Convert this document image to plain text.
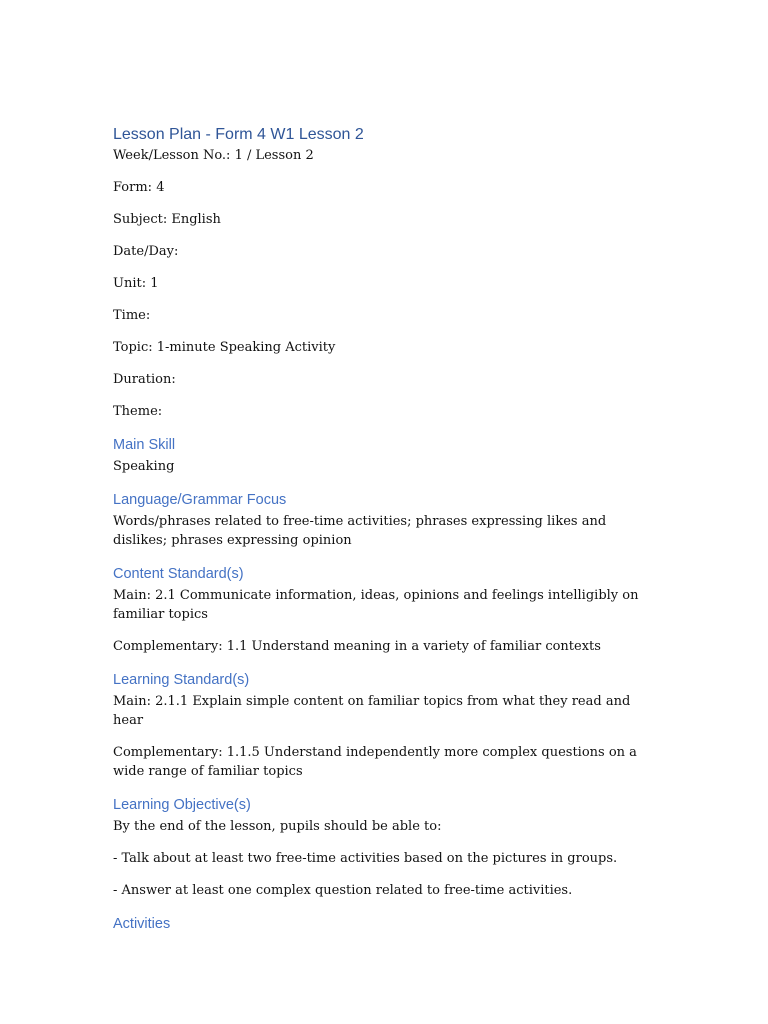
Lesson Plan - Form 4 W1 Lesson 2
Week/Lesson No.: 1 / Lesson 2
Form: 4
Subject: English
Date/Day:
Unit: 1
Time:
Topic: 1-minute Speaking Activity
Duration:
Theme:
Main Skill
Speaking
Language/Grammar Focus
Words/phrases related to free-time activities; phrases expressing likes and dislikes; phrases expressing opinion
Content Standard(s)
Main: 2.1 Communicate information, ideas, opinions and feelings intelligibly on familiar topics
Complementary: 1.1 Understand meaning in a variety of familiar contexts
Learning Standard(s)
Main: 2.1.1 Explain simple content on familiar topics from what they read and hear
Complementary: 1.1.5 Understand independently more complex questions on a wide range of familiar topics
Learning Objective(s)
By the end of the lesson, pupils should be able to:
- Talk about at least two free-time activities based on the pictures in groups.
- Answer at least one complex question related to free-time activities.
Activities
